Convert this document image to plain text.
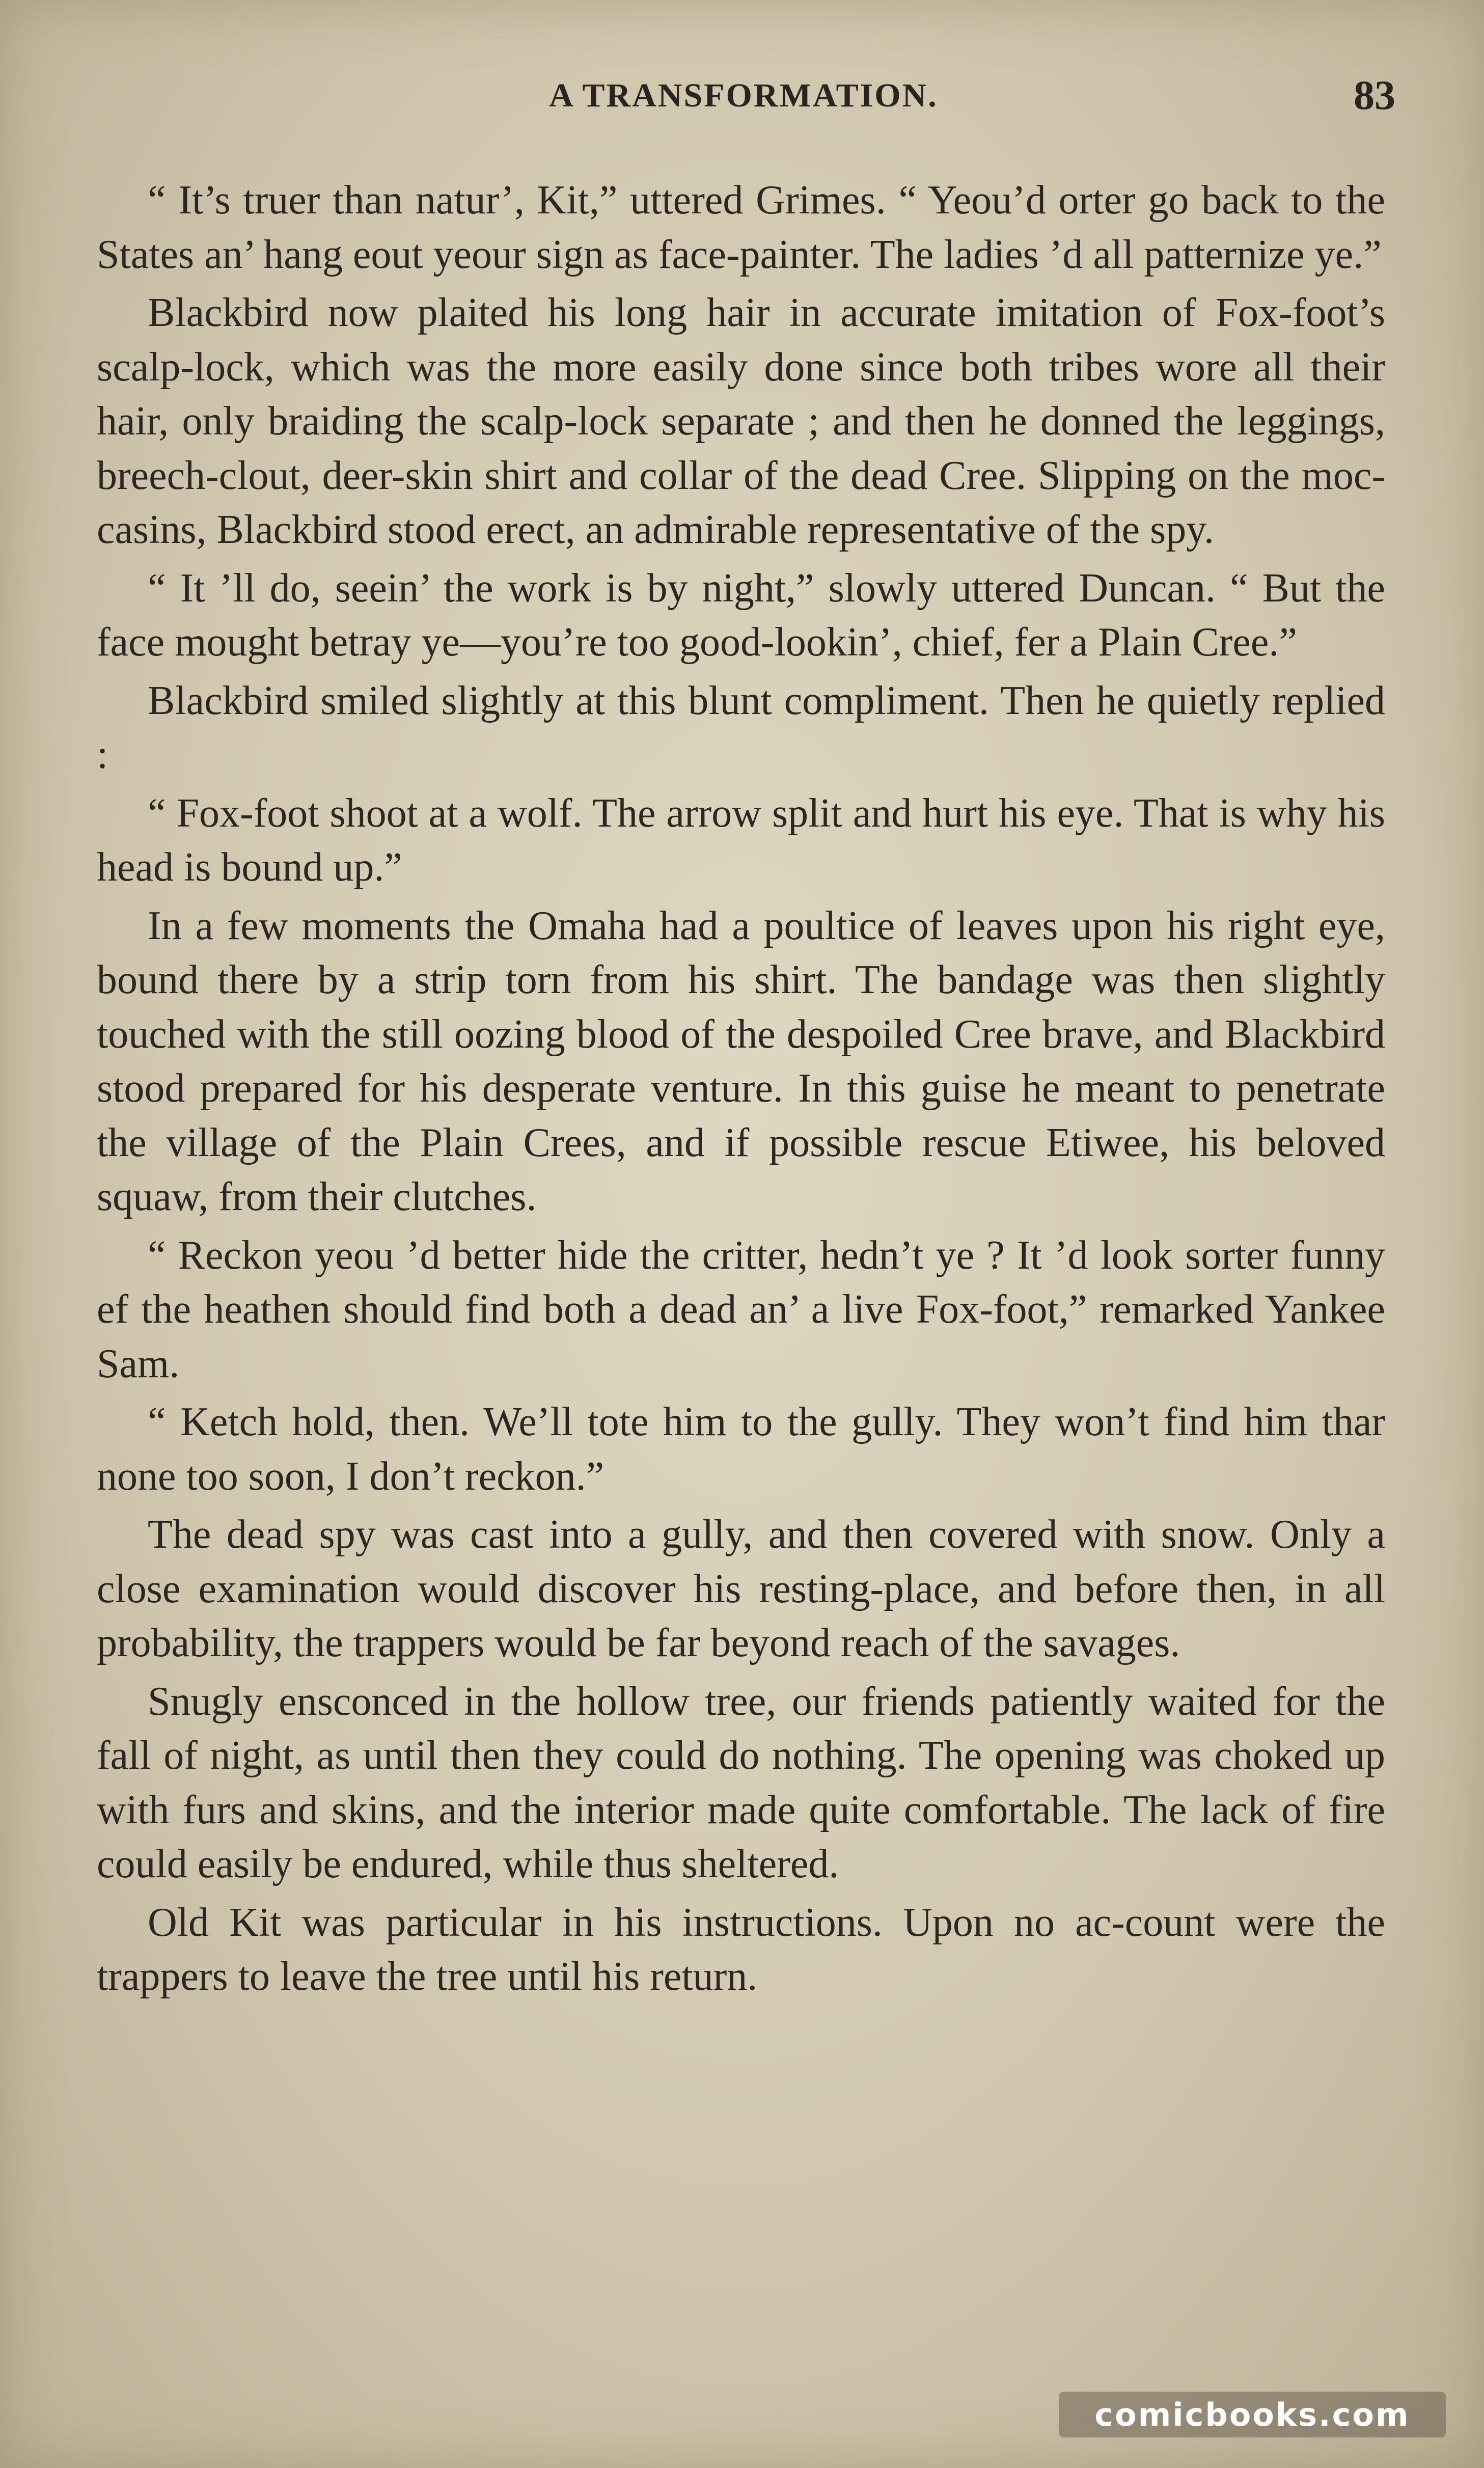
A TRANSFORMATION.	83

“ It’s truer than natur’, Kit,” uttered Grimes. “ Yeou’d orter go back to the States an’ hang eout yeour sign as face-painter. The ladies ’d all patternize ye.”

Blackbird now plaited his long hair in accurate imitation of Fox-foot’s scalp-lock, which was the more easily done since both tribes wore all their hair, only braiding the scalp-lock separate ; and then he donned the leggings, breech-clout, deer-skin shirt and collar of the dead Cree. Slipping on the moc-casins, Blackbird stood erect, an admirable representative of the spy.

“ It ’ll do, seein’ the work is by night,” slowly uttered Duncan. “ But the face mought betray ye—you’re too good-lookin’, chief, fer a Plain Cree.”

Blackbird smiled slightly at this blunt compliment. Then he quietly replied :

“ Fox-foot shoot at a wolf. The arrow split and hurt his eye. That is why his head is bound up.”

In a few moments the Omaha had a poultice of leaves upon his right eye, bound there by a strip torn from his shirt. The bandage was then slightly touched with the still oozing blood of the despoiled Cree brave, and Blackbird stood prepared for his desperate venture. In this guise he meant to penetrate the village of the Plain Crees, and if possible rescue Etiwee, his beloved squaw, from their clutches.

“ Reckon yeou ’d better hide the critter, hedn’t ye ? It ’d look sorter funny ef the heathen should find both a dead an’ a live Fox-foot,” remarked Yankee Sam.

“ Ketch hold, then. We’ll tote him to the gully. They won’t find him thar none too soon, I don’t reckon.”

The dead spy was cast into a gully, and then covered with snow. Only a close examination would discover his resting-place, and before then, in all probability, the trappers would be far beyond reach of the savages.

Snugly ensconced in the hollow tree, our friends patiently waited for the fall of night, as until then they could do nothing. The opening was choked up with furs and skins, and the interior made quite comfortable. The lack of fire could easily be endured, while thus sheltered.

Old Kit was particular in his instructions. Upon no ac-count were the trappers to leave the tree until his return.

comicbooks.com
